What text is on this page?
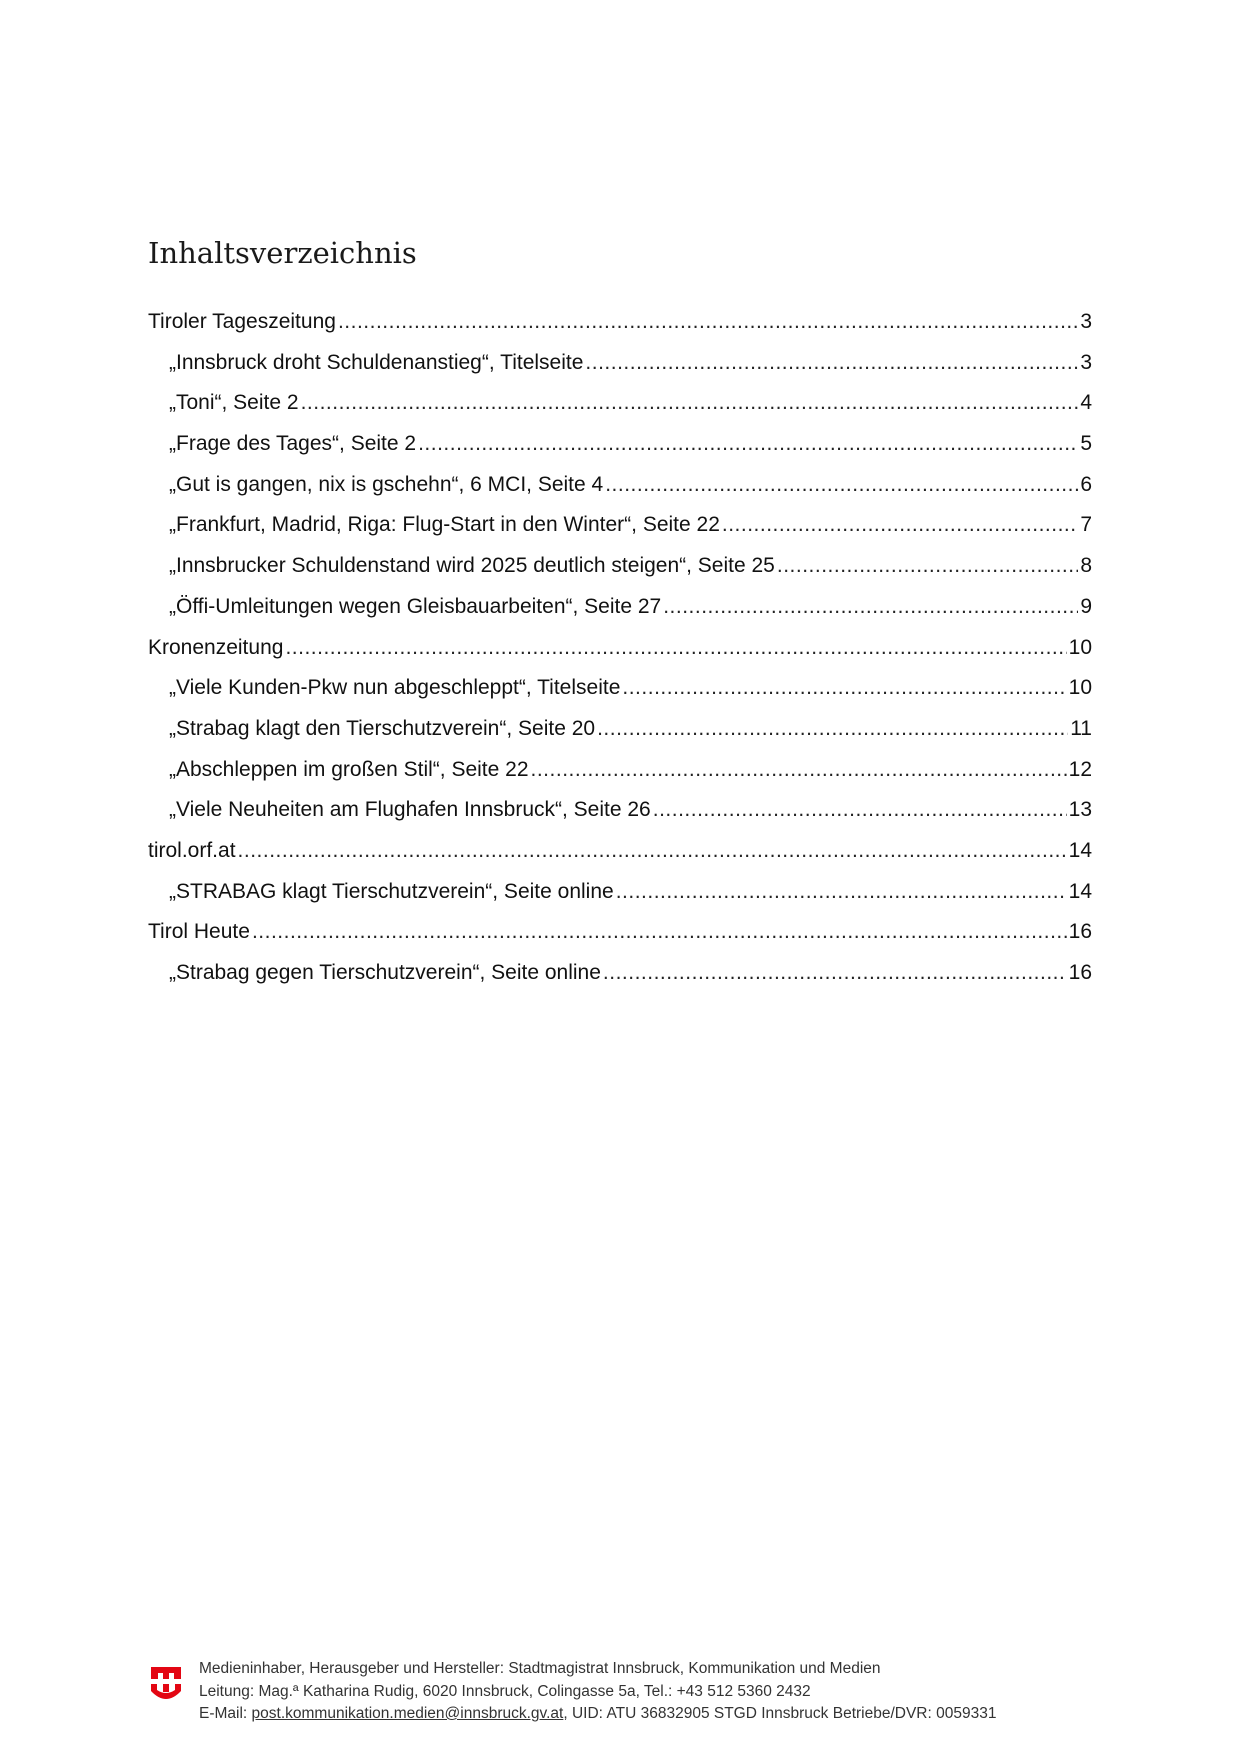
Inhaltsverzeichnis
Tiroler Tageszeitung .....	3
„Innsbruck droht Schuldenanstieg“, Titelseite .....	3
„Toni“, Seite 2 .....	4
„Frage des Tages“, Seite 2 .....	5
„Gut is gangen, nix is gschehn“, 6 MCI, Seite 4 .....	6
„Frankfurt, Madrid, Riga: Flug-Start in den Winter“, Seite 22 .....	7
„Innsbrucker Schuldenstand wird 2025 deutlich steigen“, Seite 25 .....	8
„Öffi-Umleitungen wegen Gleisbauarbeiten“, Seite 27 .....	9
Kronenzeitung .....	10
„Viele Kunden-Pkw nun abgeschleppt“, Titelseite .....	10
„Strabag klagt den Tierschutzverein“, Seite 20 .....	11
„Abschleppen im großen Stil“, Seite 22 .....	12
„Viele Neuheiten am Flughafen Innsbruck“, Seite 26 .....	13
tirol.orf.at .....	14
„STRABAG klagt Tierschutzverein“, Seite online .....	14
Tirol Heute .....	16
„Strabag gegen Tierschutzverein“, Seite online .....	16
Medieninhaber, Herausgeber und Hersteller: Stadtmagistrat Innsbruck, Kommunikation und Medien
Leitung: Mag.ª Katharina Rudig, 6020 Innsbruck, Colingasse 5a, Tel.: +43 512 5360 2432
E-Mail: post.kommunikation.medien@innsbruck.gv.at, UID: ATU 36832905 STGD Innsbruck Betriebe/DVR: 0059331
